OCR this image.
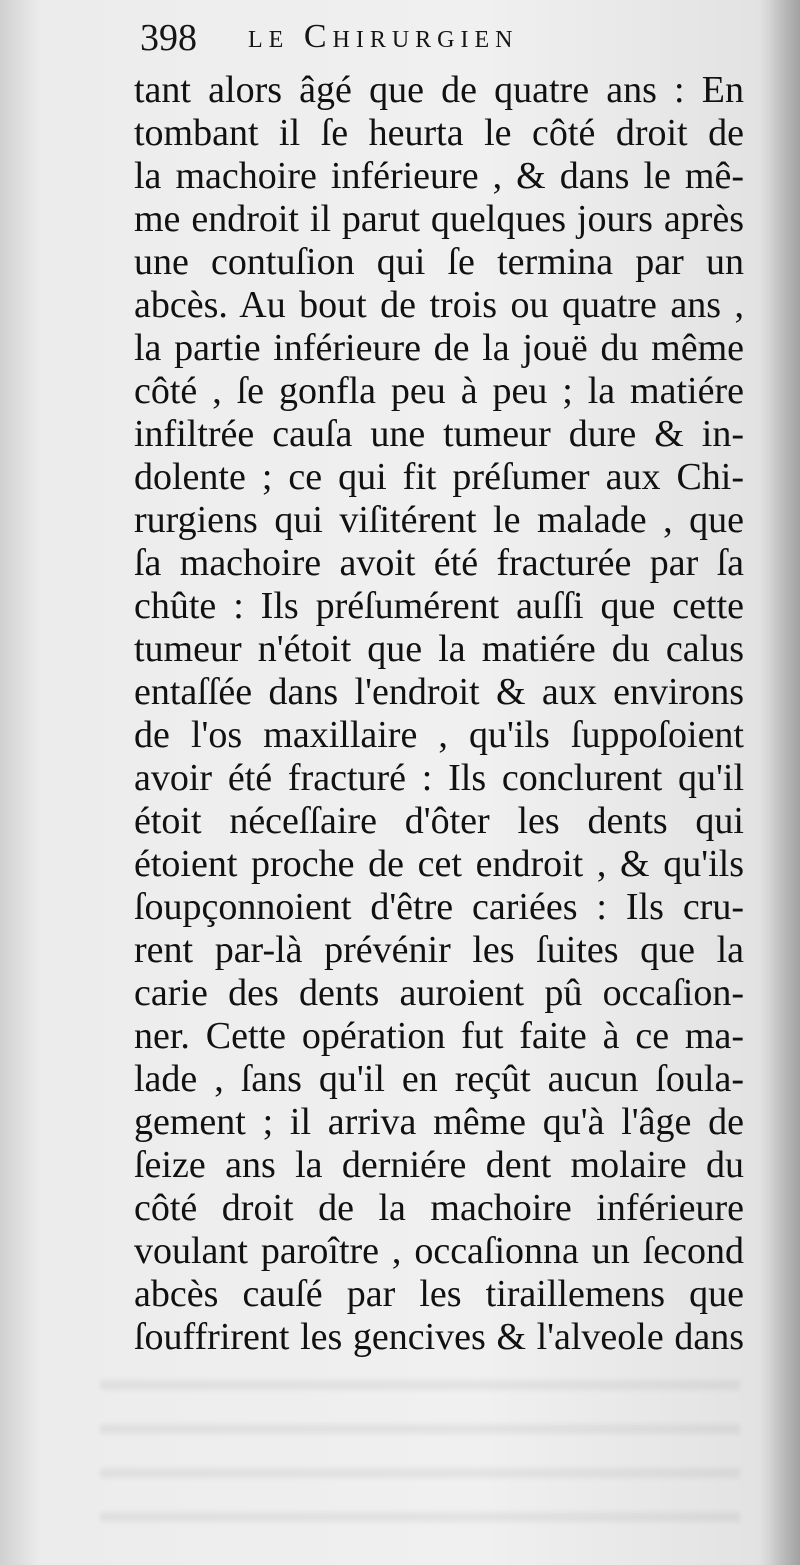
398 le Chirurgien
tant alors âgé que de quatre ans : En
tombant il ſe heurta le côté droit de
la machoire inférieure , & dans le mê-
me endroit il parut quelques jours après
une contuſion qui ſe termina par un
abcès. Au bout de trois ou quatre ans ,
la partie inférieure de la jouë du même
côté , ſe gonfla peu à peu ; la matiére
infiltrée cauſa une tumeur dure & in-
dolente ; ce qui fit préſumer aux Chi-
rurgiens qui viſitérent le malade , que
ſa machoire avoit été fracturée par ſa
chûte : Ils préſumérent auſſi que cette
tumeur n'étoit que la matiére du calus
entaſſée dans l'endroit & aux environs
de l'os maxillaire , qu'ils ſuppoſoient
avoir été fracturé : Ils conclurent qu'il
étoit néceſſaire d'ôter les dents qui
étoient proche de cet endroit , & qu'ils
ſoupçonnoient d'être cariées : Ils cru-
rent par-là prévénir les ſuites que la
carie des dents auroient pû occaſion-
ner. Cette opération fut faite à ce ma-
lade , ſans qu'il en reçût aucun ſoula-
gement ; il arriva même qu'à l'âge de
ſeize ans la derniére dent molaire du
côté droit de la machoire inférieure
voulant paroître , occaſionna un ſecond
abcès cauſé par les tiraillemens que
ſouffrirent les gencives & l'alveole dans
